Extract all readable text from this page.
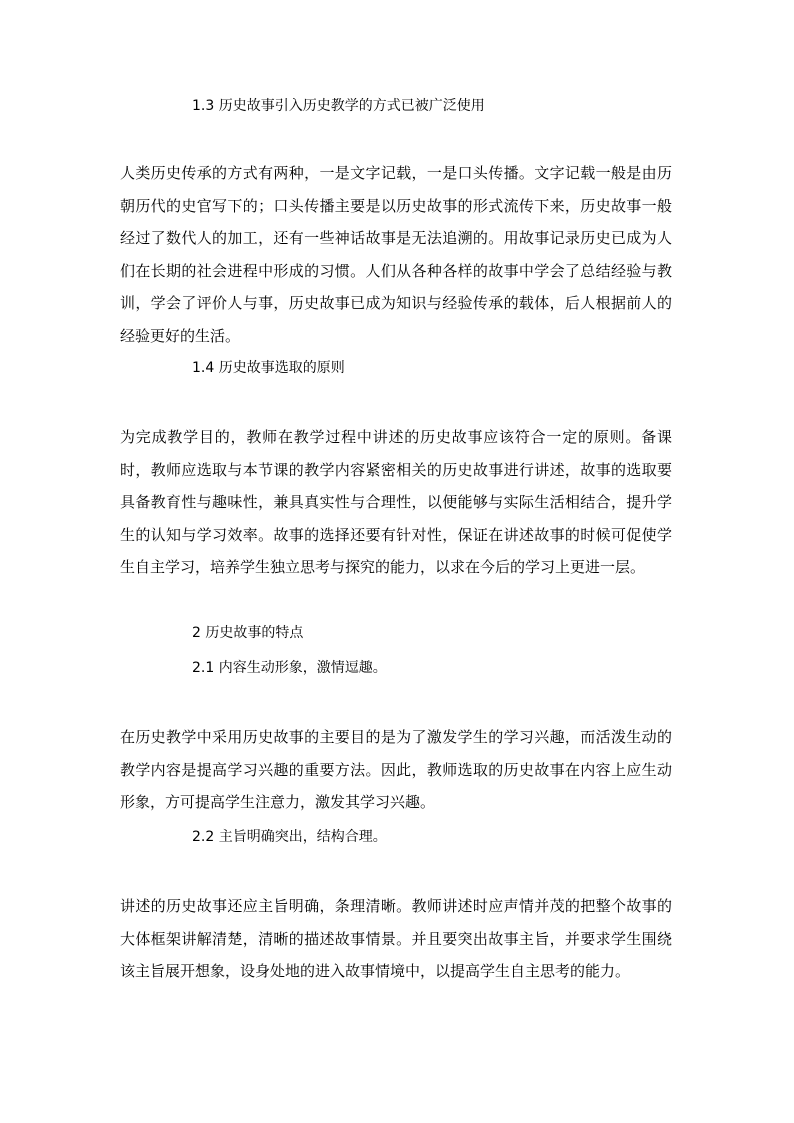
1.3 历史故事引入历史教学的方式已被广泛使用

人类历史传承的方式有两种，一是文字记载，一是口头传播。文字记载一般是由历朝历代的史官写下的；口头传播主要是以历史故事的形式流传下来，历史故事一般经过了数代人的加工，还有一些神话故事是无法追溯的。用故事记录历史已成为人们在长期的社会进程中形成的习惯。人们从各种各样的故事中学会了总结经验与教训，学会了评价人与事，历史故事已成为知识与经验传承的载体，后人根据前人的经验更好的生活。

1.4 历史故事选取的原则

为完成教学目的，教师在教学过程中讲述的历史故事应该符合一定的原则。备课时，教师应选取与本节课的教学内容紧密相关的历史故事进行讲述，故事的选取要具备教育性与趣味性，兼具真实性与合理性，以便能够与实际生活相结合，提升学生的认知与学习效率。故事的选择还要有针对性，保证在讲述故事的时候可促使学生自主学习，培养学生独立思考与探究的能力，以求在今后的学习上更进一层。

2 历史故事的特点
2.1 内容生动形象，激情逗趣。

在历史教学中采用历史故事的主要目的是为了激发学生的学习兴趣，而活泼生动的教学内容是提高学习兴趣的重要方法。因此，教师选取的历史故事在内容上应生动形象，方可提高学生注意力，激发其学习兴趣。

2.2 主旨明确突出，结构合理。

讲述的历史故事还应主旨明确，条理清晰。教师讲述时应声情并茂的把整个故事的大体框架讲解清楚，清晰的描述故事情景。并且要突出故事主旨，并要求学生围绕该主旨展开想象，设身处地的进入故事情境中，以提高学生自主思考的能力。
